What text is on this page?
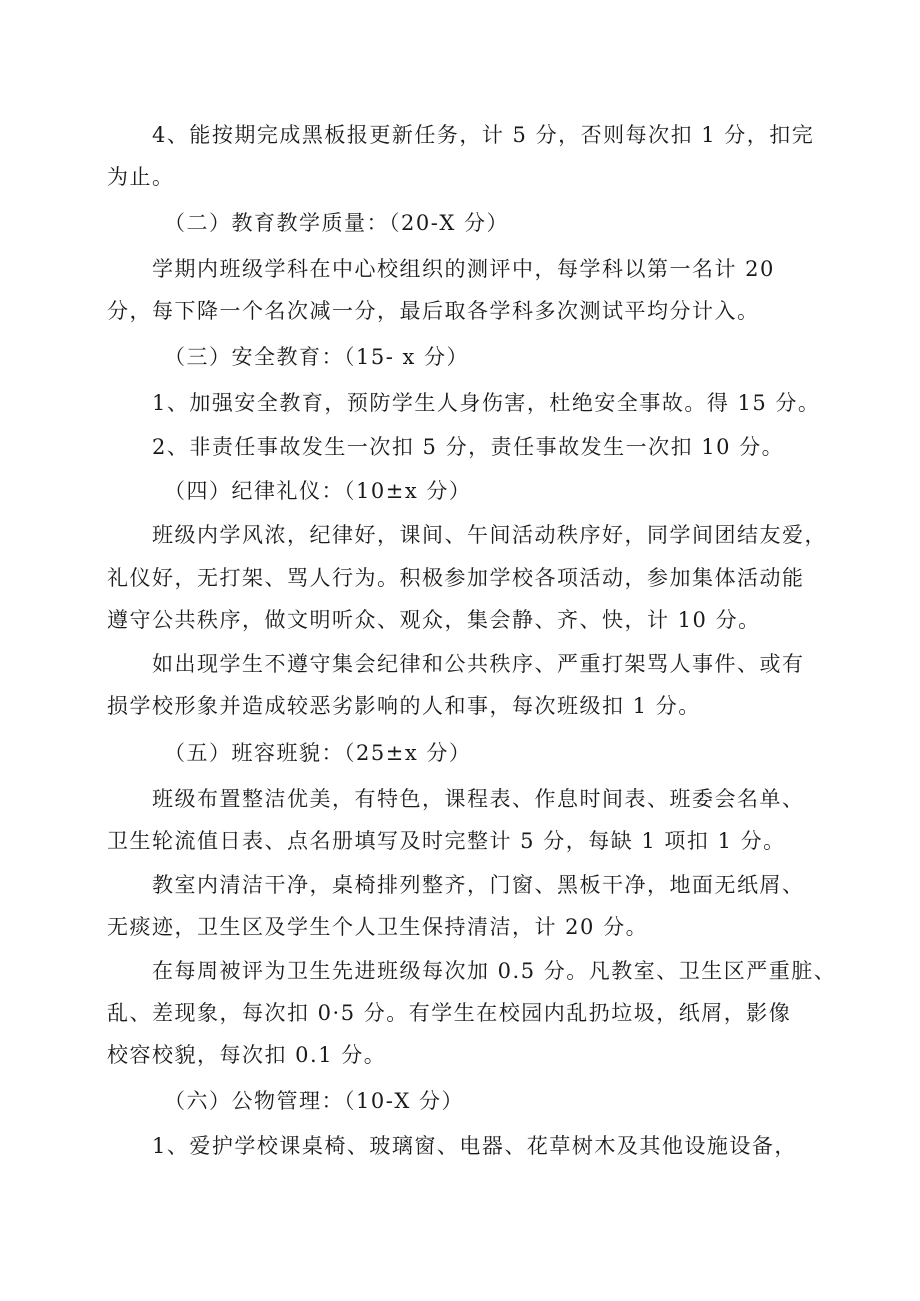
4、能按期完成黑板报更新任务，计 5 分，否则每次扣 1 分，扣完
为止。
（二）教育教学质量：（20-X 分）
学期内班级学科在中心校组织的测评中，每学科以第一名计 20
分，每下降一个名次减一分，最后取各学科多次测试平均分计入。
（三）安全教育：（15- x 分）
1、加强安全教育，预防学生人身伤害，杜绝安全事故。得 15 分。
2、非责任事故发生一次扣 5 分，责任事故发生一次扣 10 分。
（四）纪律礼仪：（10±x 分）
班级内学风浓，纪律好，课间、午间活动秩序好，同学间团结友爱，
礼仪好，无打架、骂人行为。积极参加学校各项活动，参加集体活动能
遵守公共秩序，做文明听众、观众，集会静、齐、快，计 10 分。
如出现学生不遵守集会纪律和公共秩序、严重打架骂人事件、或有
损学校形象并造成较恶劣影响的人和事，每次班级扣 1 分。
（五）班容班貌：（25±x 分）
班级布置整洁优美，有特色，课程表、作息时间表、班委会名单、
卫生轮流值日表、点名册填写及时完整计 5 分，每缺 1 项扣 1 分。
教室内清洁干净，桌椅排列整齐，门窗、黑板干净，地面无纸屑、
无痰迹，卫生区及学生个人卫生保持清洁，计 20 分。
在每周被评为卫生先进班级每次加 0.5 分。凡教室、卫生区严重脏、
乱、差现象，每次扣 0·5 分。有学生在校园内乱扔垃圾，纸屑，影像
校容校貌，每次扣 0.1 分。
（六）公物管理：（10-X 分）
1、爱护学校课桌椅、玻璃窗、电器、花草树木及其他设施设备，
